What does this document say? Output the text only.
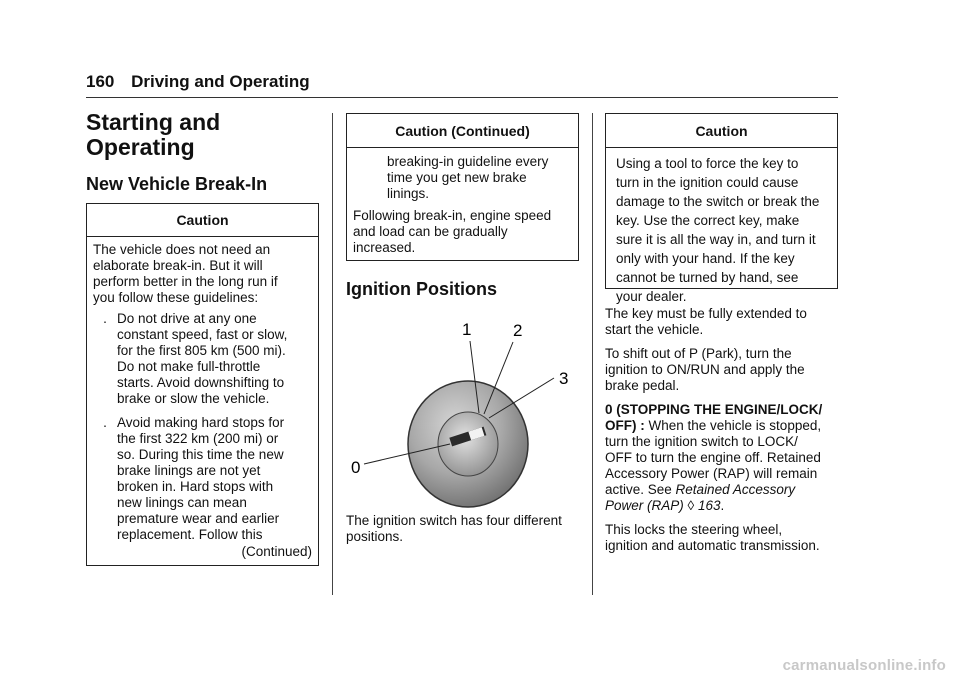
160 Driving and Operating
Starting and
Operating
New Vehicle Break-In
Caution
The vehicle does not need an
elaborate break-in. But it will
perform better in the long run if
you follow these guidelines:
. Do not drive at any one
constant speed, fast or slow,
for the first 805 km (500 mi).
Do not make full-throttle
starts. Avoid downshifting to
brake or slow the vehicle.
. Avoid making hard stops for
the first 322 km (200 mi) or
so. During this time the new
brake linings are not yet
broken in. Hard stops with
new linings can mean
premature wear and earlier
replacement. Follow this
(Continued)
Caution (Continued)
breaking-in guideline every
time you get new brake
linings.
Following break-in, engine speed
and load can be gradually
increased.
Ignition Positions
0
1 2
3
The ignition switch has four different
positions.
Caution
Using a tool to force the key to
turn in the ignition could cause
damage to the switch or break the
key. Use the correct key, make
sure it is all the way in, and turn it
only with your hand. If the key
cannot be turned by hand, see
your dealer.

The key must be fully extended to
start the vehicle.

To shift out of P (Park), turn the
ignition to ON/RUN and apply the
brake pedal.

0 (STOPPING THE ENGINE/LOCK/
OFF) : When the vehicle is stopped,
turn the ignition switch to LOCK/
OFF to turn the engine off. Retained
Accessory Power (RAP) will remain
active. See Retained Accessory
Power (RAP) ◊ 163.

This locks the steering wheel,
ignition and automatic transmission.

carmanualsonline.info
